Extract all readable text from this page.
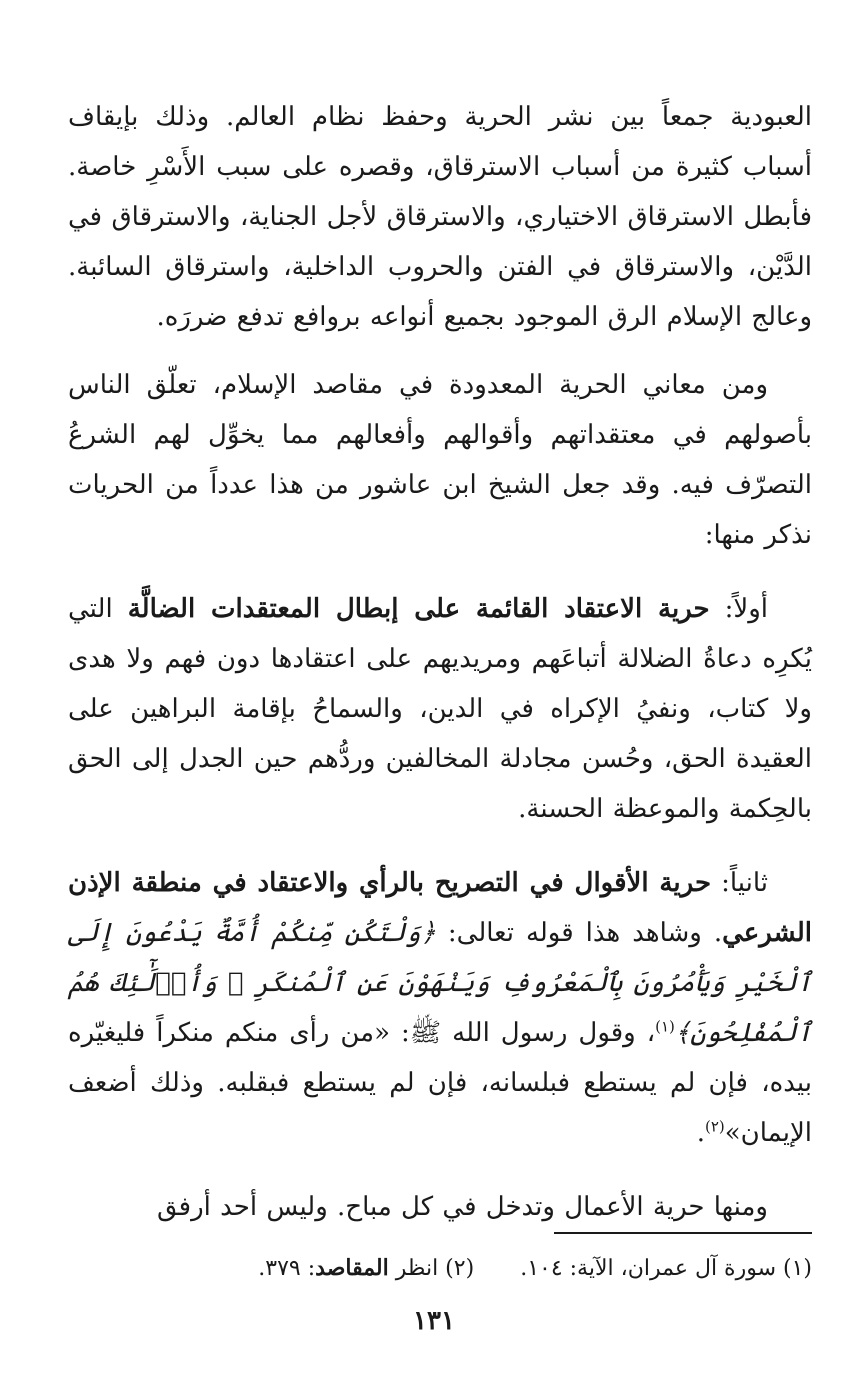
العبودية جمعاً بين نشر الحرية وحفظ نظام العالم. وذلك بإيقاف أسباب كثيرة من أسباب الاسترقاق، وقصره على سبب الأَسْرِ خاصة. فأبطل الاسترقاق الاختياري، والاسترقاق لأجل الجناية، والاسترقاق في الدَّيْن، والاسترقاق في الفتن والحروب الداخلية، واسترقاق السائبة. وعالج الإسلام الرق الموجود بجميع أنواعه بروافع تدفع ضررَه.

ومن معاني الحرية المعدودة في مقاصد الإسلام، تعلّق الناس بأصولهم في معتقداتهم وأقوالهم وأفعالهم مما يخوِّل لهم الشرعُ التصرّف فيه. وقد جعل الشيخ ابن عاشور من هذا عدداً من الحريات نذكر منها:

أولاً: حرية الاعتقاد القائمة على إبطال المعتقدات الضالَّة التي يُكرِه دعاةُ الضلالة أتباعَهم ومريديهم على اعتقادها دون فهم ولا هدى ولا كتاب، ونفيُ الإكراه في الدين، والسماحُ بإقامة البراهين على العقيدة الحق، وحُسن مجادلة المخالفين وردُّهم حين الجدل إلى الحق بالحِكمة والموعظة الحسنة.

ثانياً: حرية الأقوال في التصريح بالرأي والاعتقاد في منطقة الإذن الشرعي. وشاهد هذا قوله تعالى: ﴿وَلْتَكُن مِّنكُمْ أُمَّةٌ يَدْعُونَ إِلَى ٱلْخَيْرِ وَيَأْمُرُونَ بِٱلْمَعْرُوفِ وَيَنْهَوْنَ عَنِ ٱلْمُنكَرِ ۚ وَأُو۟لَٰٓئِكَ هُمُ ٱلْمُفْلِحُونَ﴾$^{(١)}$، وقول رسول الله ﷺ: «من رأى منكم منكراً فليغيّره بيده، فإن لم يستطع فبلسانه، فإن لم يستطع فبقلبه. وذلك أضعف الإيمان»$^{(٢)}$.

ومنها حرية الأعمال وتدخل في كل مباح. وليس أحد أرفق

(١) سورة آل عمران، الآية: ١٠٤.(٢) انظر المقاصد: ٣٧٩.
١٣١
